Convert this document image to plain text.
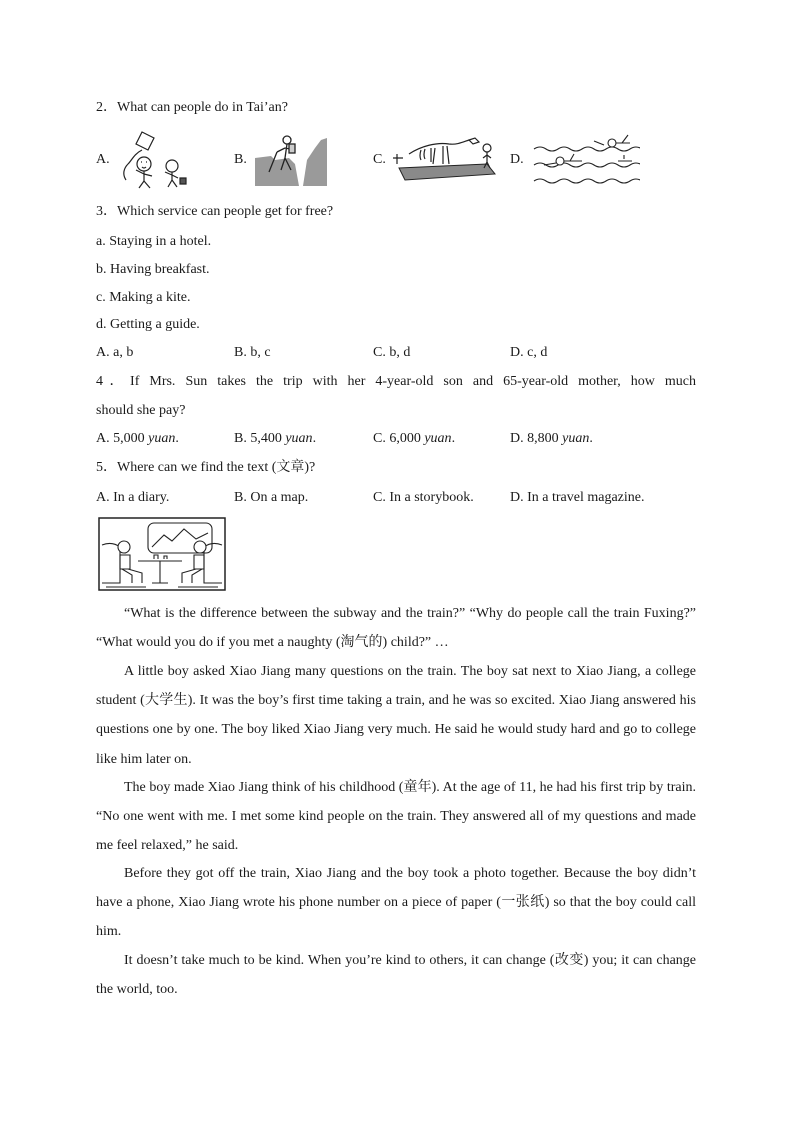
2．What can people do in Tai’an?
A.	B.	C.	D.
3．Which service can people get for free?
a. Staying in a hotel.
b. Having breakfast.
c. Making a kite.
d. Getting a guide.
A. a, b	B. b, c	C. b, d	D. c, d
4．If Mrs. Sun takes the trip with her 4-year-old son and 65-year-old mother, how much
should she pay?
A. 5,000 yuan.	B. 5,400 yuan.	C. 6,000 yuan.	D. 8,800 yuan.
5．Where can we find the text (文章)?
A. In a diary.	B. On a map.	C. In a storybook.	D. In a travel magazine.
“What is the difference between the subway and the train?” “Why do people call the train Fuxing?” “What would you do if you met a naughty (淘气的) child?” …
A little boy asked Xiao Jiang many questions on the train. The boy sat next to Xiao Jiang, a college student (大学生). It was the boy’s first time taking a train, and he was so excited. Xiao Jiang answered his questions one by one. The boy liked Xiao Jiang very much. He said he would study hard and go to college like him later on.
The boy made Xiao Jiang think of his childhood (童年). At the age of 11, he had his first trip by train. “No one went with me. I met some kind people on the train. They answered all of my questions and made me feel relaxed,” he said.
Before they got off the train, Xiao Jiang and the boy took a photo together. Because the boy didn’t have a phone, Xiao Jiang wrote his phone number on a piece of paper (一张纸) so that the boy could call him.
It doesn’t take much to be kind. When you’re kind to others, it can change (改变) you; it can change the world, too.
